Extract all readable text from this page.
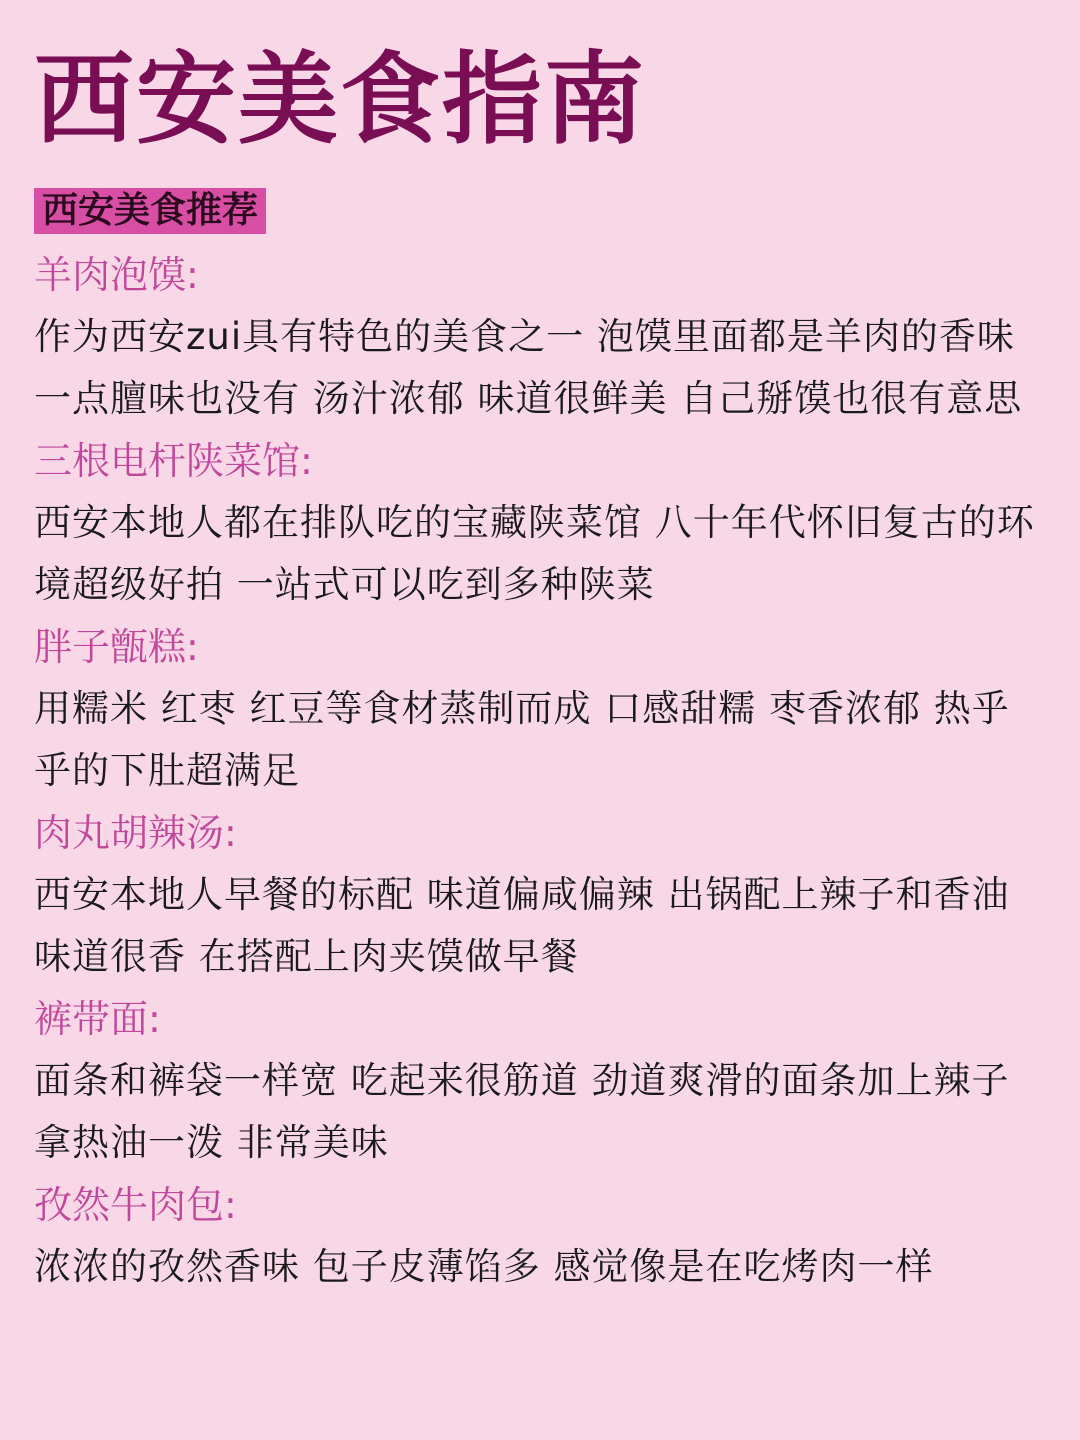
西安美食指南
西安美食推荐

羊肉泡馍:

作为西安zui具有特色的美食之一 泡馍里面都是羊肉的香味 一点膻味也没有 汤汁浓郁 味道很鲜美 自己掰馍也很有意思

三根电杆陕菜馆:

西安本地人都在排队吃的宝藏陕菜馆 八十年代怀旧复古的环境超级好拍 一站式可以吃到多种陕菜

胖子甑糕:

用糯米 红枣 红豆等食材蒸制而成 口感甜糯 枣香浓郁 热乎乎的下肚超满足

肉丸胡辣汤:

西安本地人早餐的标配 味道偏咸偏辣 出锅配上辣子和香油 味道很香 在搭配上肉夹馍做早餐

裤带面:

面条和裤袋一样宽 吃起来很筋道 劲道爽滑的面条加上辣子拿热油一泼 非常美味

孜然牛肉包:

浓浓的孜然香味 包子皮薄馅多 感觉像是在吃烤肉一样
